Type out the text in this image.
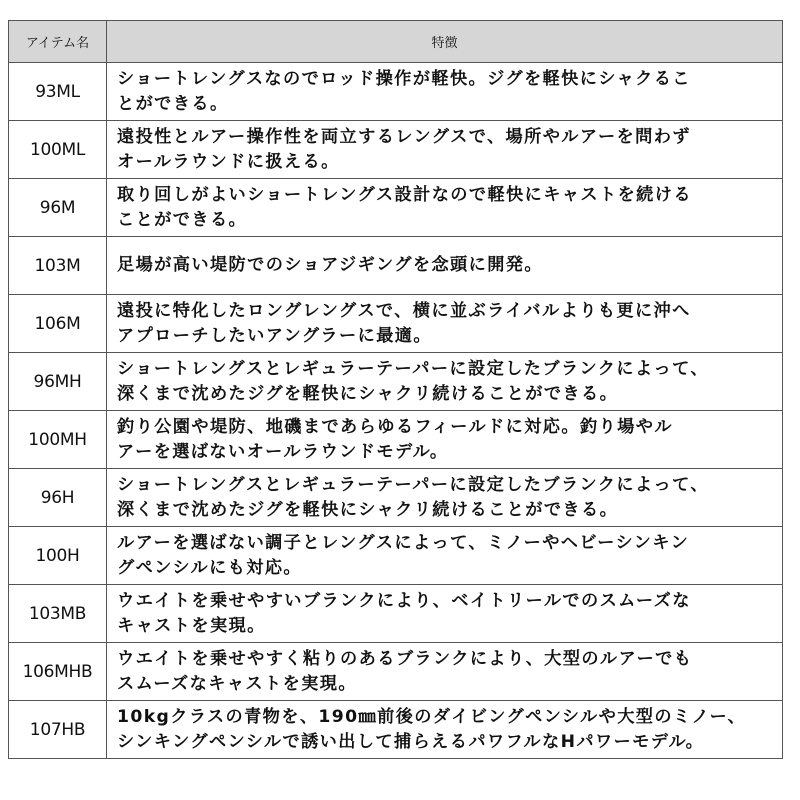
アイテム名	特徴
93ML	ショートレングスなのでロッド操作が軽快。ジグを軽快にシャクるこ
とができる。
100ML	遠投性とルアー操作性を両立するレングスで、場所やルアーを問わず
オールラウンドに扱える。
96M	取り回しがよいショートレングス設計なので軽快にキャストを続ける
ことができる。
103M	足場が高い堤防でのショアジギングを念頭に開発。
106M	遠投に特化したロングレングスで、横に並ぶライバルよりも更に沖へ
アプローチしたいアングラーに最適。
96MH	ショートレングスとレギュラーテーパーに設定したブランクによって、
深くまで沈めたジグを軽快にシャクリ続けることができる。
100MH	釣り公園や堤防、地磯まであらゆるフィールドに対応。釣り場やル
アーを選ばないオールラウンドモデル。
96H	ショートレングスとレギュラーテーパーに設定したブランクによって、
深くまで沈めたジグを軽快にシャクリ続けることができる。
100H	ルアーを選ばない調子とレングスによって、ミノーやヘビーシンキン
グペンシルにも対応。
103MB	ウエイトを乗せやすいブランクにより、ベイトリールでのスムーズな
キャストを実現。
106MHB	ウエイトを乗せやすく粘りのあるブランクにより、大型のルアーでも
スムーズなキャストを実現。
107HB	10kgクラスの青物を、190㎜前後のダイビングペンシルや大型のミノー、
シンキングペンシルで誘い出して捕らえるパワフルなHパワーモデル。
